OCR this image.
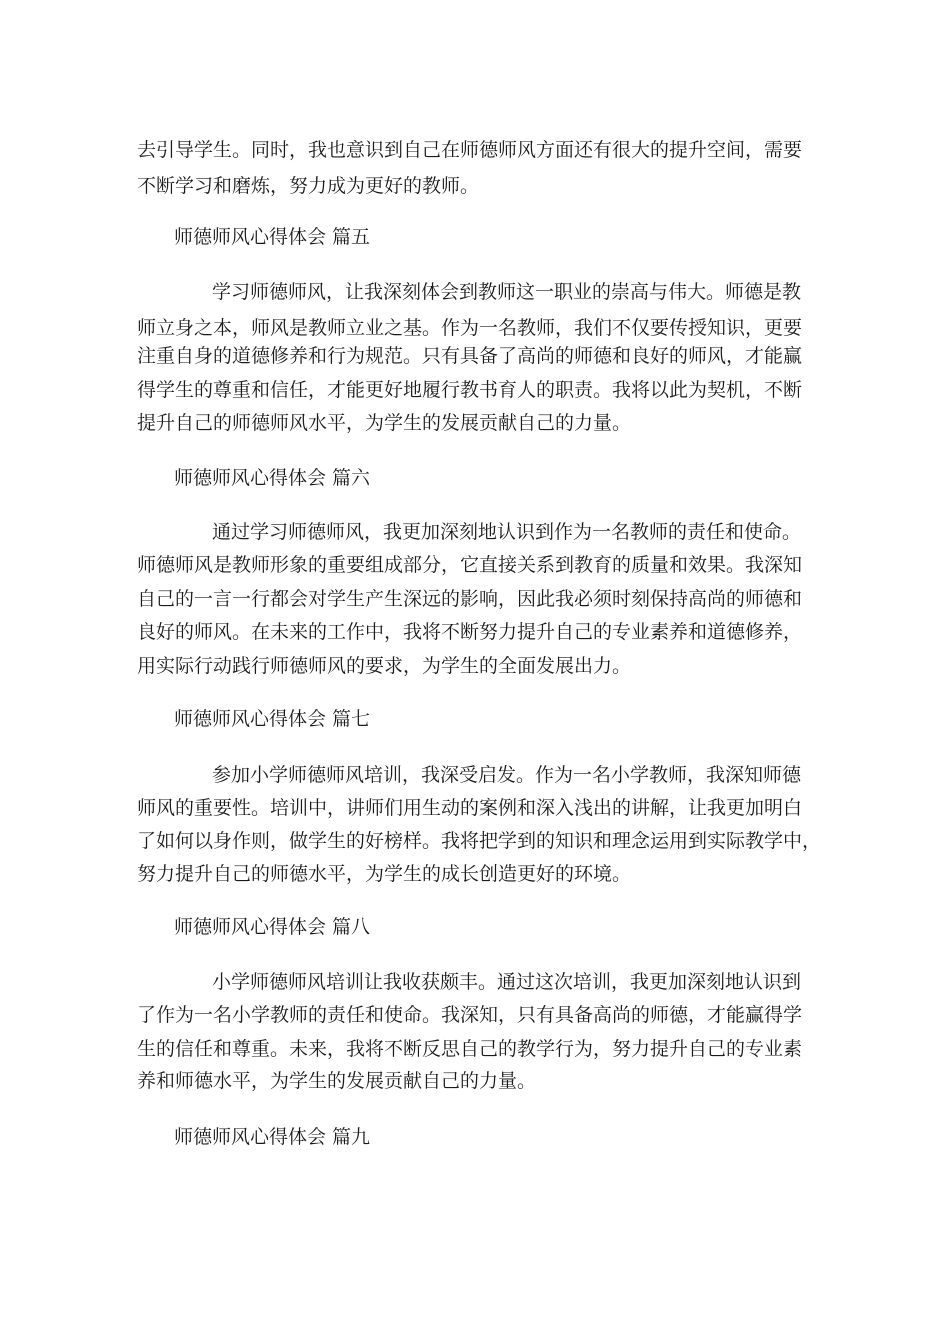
去引导学生。同时，我也意识到自己在师德师风方面还有很大的提升空间，需要
不断学习和磨炼，努力成为更好的教师。
师德师风心得体会 篇五
学习师德师风，让我深刻体会到教师这一职业的崇高与伟大。师德是教
师立身之本，师风是教师立业之基。作为一名教师，我们不仅要传授知识，更要
注重自身的道德修养和行为规范。只有具备了高尚的师德和良好的师风，才能赢
得学生的尊重和信任，才能更好地履行教书育人的职责。我将以此为契机，不断
提升自己的师德师风水平，为学生的发展贡献自己的力量。
师德师风心得体会 篇六
通过学习师德师风，我更加深刻地认识到作为一名教师的责任和使命。
师德师风是教师形象的重要组成部分，它直接关系到教育的质量和效果。我深知
自己的一言一行都会对学生产生深远的影响，因此我必须时刻保持高尚的师德和
良好的师风。在未来的工作中，我将不断努力提升自己的专业素养和道德修养，
用实际行动践行师德师风的要求，为学生的全面发展出力。
师德师风心得体会 篇七
参加小学师德师风培训，我深受启发。作为一名小学教师，我深知师德
师风的重要性。培训中，讲师们用生动的案例和深入浅出的讲解，让我更加明白
了如何以身作则，做学生的好榜样。我将把学到的知识和理念运用到实际教学中，
努力提升自己的师德水平，为学生的成长创造更好的环境。
师德师风心得体会 篇八
小学师德师风培训让我收获颇丰。通过这次培训，我更加深刻地认识到
了作为一名小学教师的责任和使命。我深知，只有具备高尚的师德，才能赢得学
生的信任和尊重。未来，我将不断反思自己的教学行为，努力提升自己的专业素
养和师德水平，为学生的发展贡献自己的力量。
师德师风心得体会 篇九
